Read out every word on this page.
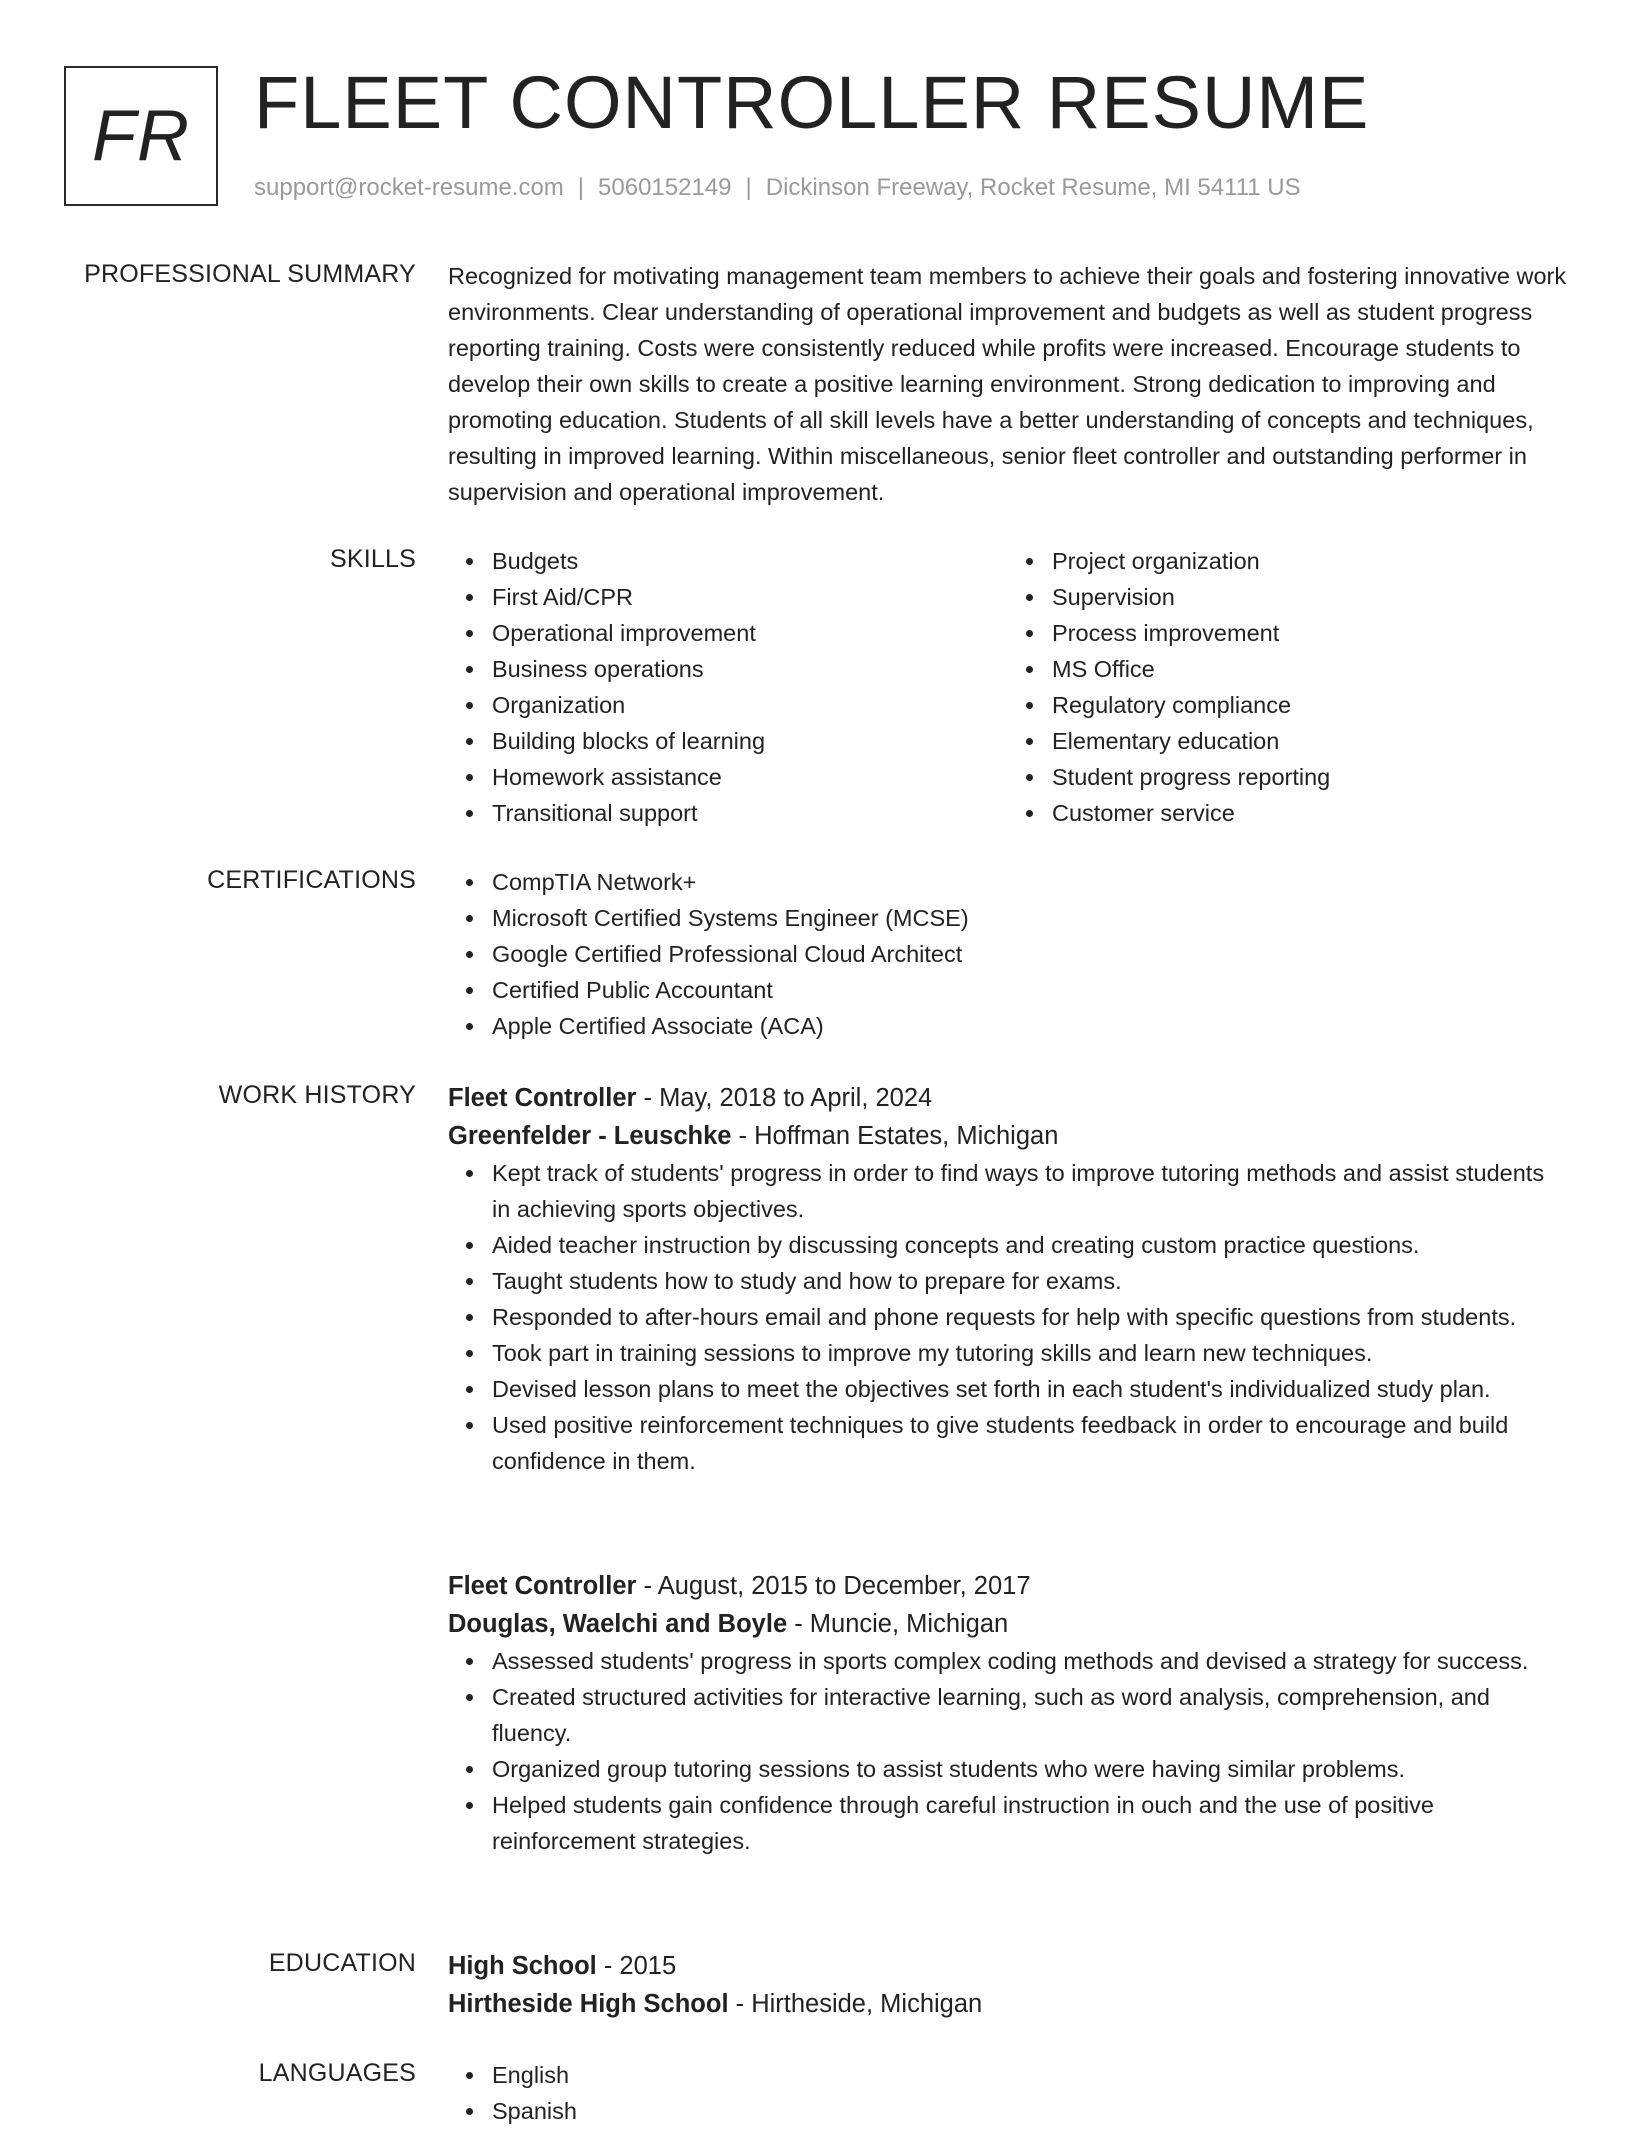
FR FLEET CONTROLLER RESUME
support@rocket-resume.com | 5060152149 | Dickinson Freeway, Rocket Resume, MI 54111 US
PROFESSIONAL SUMMARY Recognized for motivating management team members to achieve their goals and fostering innovative work environments. Clear understanding of operational improvement and budgets as well as student progress reporting training. Costs were consistently reduced while profits were increased. Encourage students to develop their own skills to create a positive learning environment. Strong dedication to improving and promoting education. Students of all skill levels have a better understanding of concepts and techniques, resulting in improved learning. Within miscellaneous, senior fleet controller and outstanding performer in supervision and operational improvement.

SKILLS	Budgets
First Aid/CPR
Operational improvement
Business operations
Organization
Building blocks of learning
Homework assistance
Transitional support
Project organization
Supervision
Process improvement
MS Office
Regulatory compliance
Elementary education
Student progress reporting
Customer service
CERTIFICATIONS	CompTIA Network+
Microsoft Certified Systems Engineer (MCSE)
Google Certified Professional Cloud Architect
Certified Public Accountant
Apple Certified Associate (ACA)
WORK HISTORY Fleet Controller - May, 2018 to April, 2024
Greenfelder - Leuschke - Hoffman Estates, Michigan
Kept track of students' progress in order to find ways to improve tutoring methods and assist students in achieving sports objectives.
Aided teacher instruction by discussing concepts and creating custom practice questions.
Taught students how to study and how to prepare for exams.
Responded to after-hours email and phone requests for help with specific questions from students.
Took part in training sessions to improve my tutoring skills and learn new techniques.
Devised lesson plans to meet the objectives set forth in each student's individualized study plan.
Used positive reinforcement techniques to give students feedback in order to encourage and build confidence in them.
Fleet Controller - August, 2015 to December, 2017
Douglas, Waelchi and Boyle - Muncie, Michigan
Assessed students' progress in sports complex coding methods and devised a strategy for success.
Created structured activities for interactive learning, such as word analysis, comprehension, and fluency.
Organized group tutoring sessions to assist students who were having similar problems.
Helped students gain confidence through careful instruction in ouch and the use of positive reinforcement strategies.
EDUCATION High School - 2015
Hirtheside High School - Hirtheside, Michigan
LANGUAGES	English
Spanish
